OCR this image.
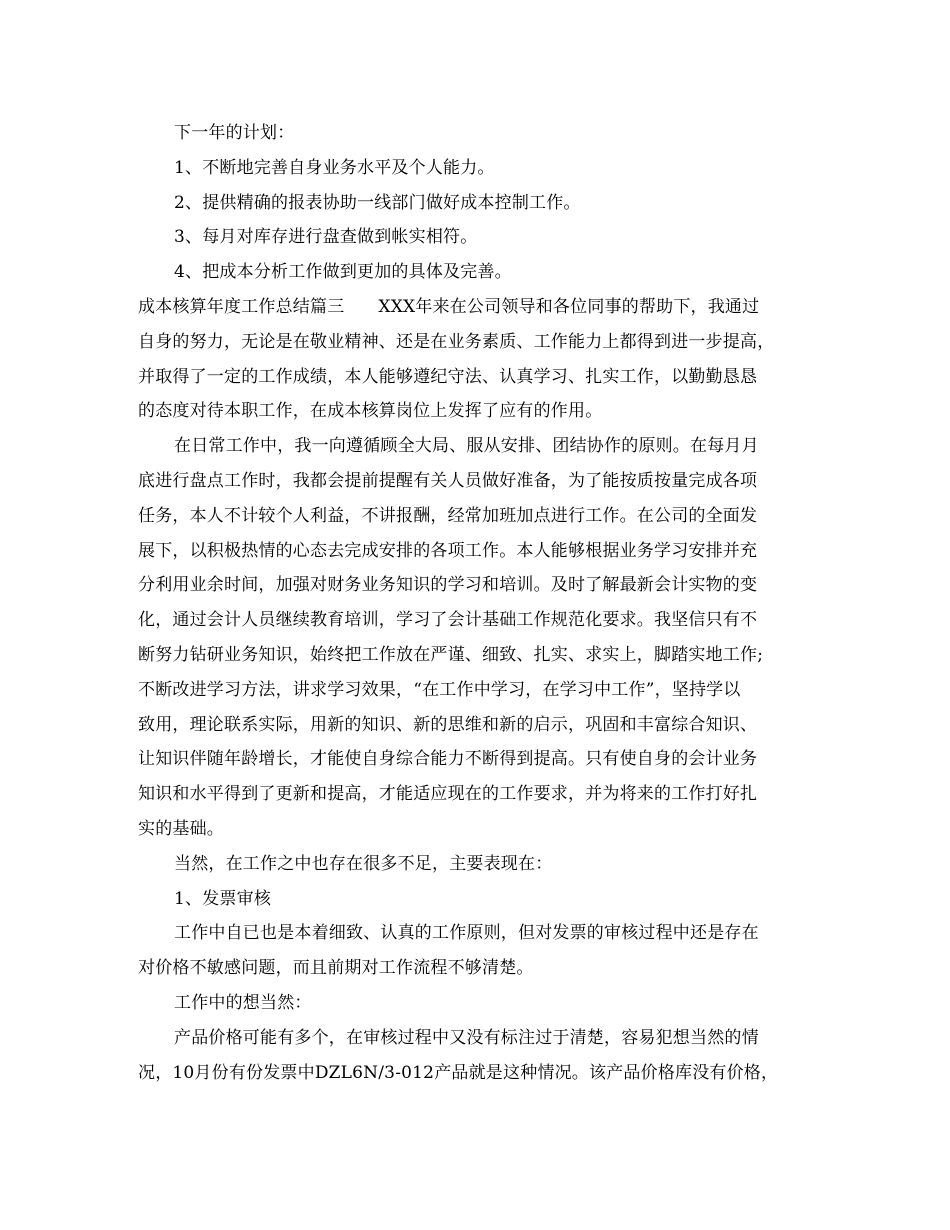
下一年的计划：
1、不断地完善自身业务水平及个人能力。
2、提供精确的报表协助一线部门做好成本控制工作。
3、每月对库存进行盘查做到帐实相符。
4、把成本分析工作做到更加的具体及完善。
成本核算年度工作总结篇三 XXX年来在公司领导和各位同事的帮助下，我通过
自身的努力，无论是在敬业精神、还是在业务素质、工作能力上都得到进一步提高，
并取得了一定的工作成绩，本人能够遵纪守法、认真学习、扎实工作，以勤勤恳恳
的态度对待本职工作，在成本核算岗位上发挥了应有的作用。
在日常工作中，我一向遵循顾全大局、服从安排、团结协作的原则。在每月月
底进行盘点工作时，我都会提前提醒有关人员做好准备，为了能按质按量完成各项
任务，本人不计较个人利益，不讲报酬，经常加班加点进行工作。在公司的全面发
展下，以积极热情的心态去完成安排的各项工作。本人能够根据业务学习安排并充
分利用业余时间，加强对财务业务知识的学习和培训。及时了解最新会计实物的变
化，通过会计人员继续教育培训，学习了会计基础工作规范化要求。我坚信只有不
断努力钻研业务知识，始终把工作放在严谨、细致、扎实、求实上，脚踏实地工作;
不断改进学习方法，讲求学习效果，“在工作中学习，在学习中工作”，坚持学以
致用，理论联系实际，用新的知识、新的思维和新的启示，巩固和丰富综合知识、
让知识伴随年龄增长，才能使自身综合能力不断得到提高。只有使自身的会计业务
知识和水平得到了更新和提高，才能适应现在的工作要求，并为将来的工作打好扎
实的基础。
当然，在工作之中也存在很多不足，主要表现在：
1、发票审核
工作中自已也是本着细致、认真的工作原则，但对发票的审核过程中还是存在
对价格不敏感问题，而且前期对工作流程不够清楚。
工作中的想当然：
产品价格可能有多个，在审核过程中又没有标注过于清楚，容易犯想当然的情
况，10月份有份发票中DZL6N/3-012产品就是这种情况。该产品价格库没有价格，
